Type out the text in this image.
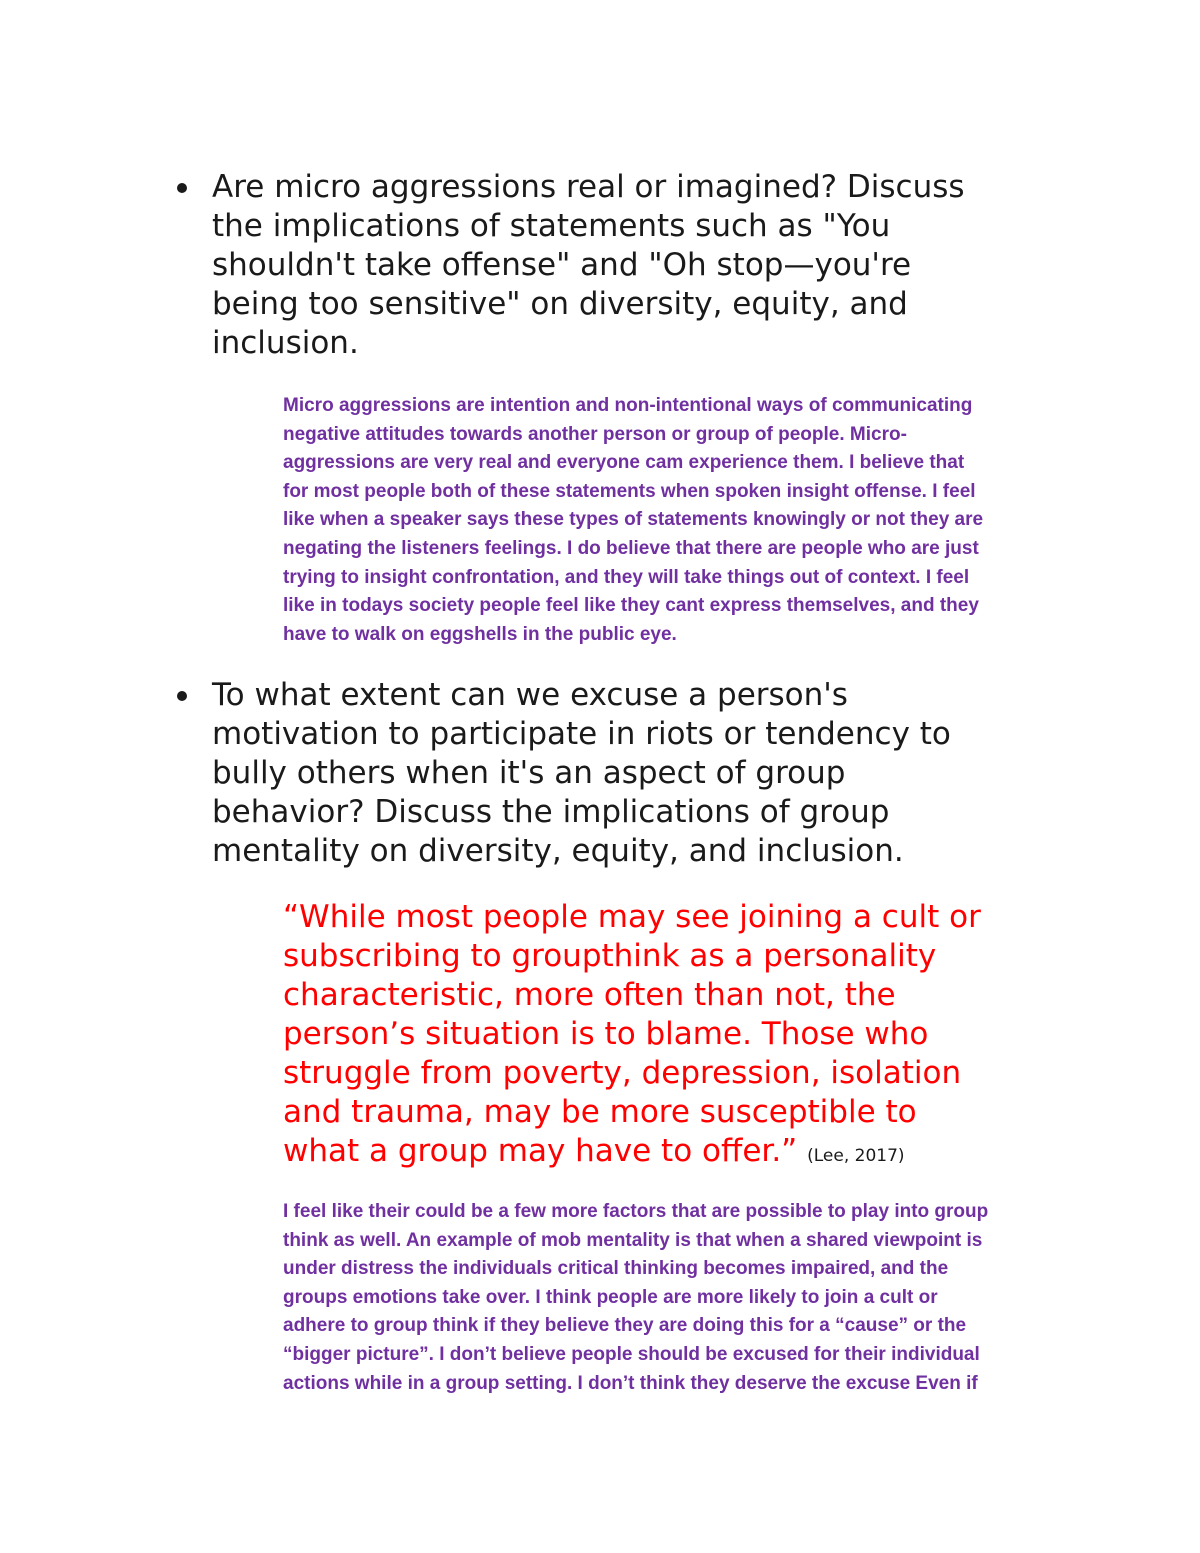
Are micro aggressions real or imagined? Discuss
the implications of statements such as "You
shouldn't take offense" and "Oh stop—you're
being too sensitive" on diversity, equity, and
inclusion.
Micro aggressions are intention and non-intentional ways of communicating
negative attitudes towards another person or group of people. Micro-
aggressions are very real and everyone cam experience them. I believe that
for most people both of these statements when spoken insight offense. I feel
like when a speaker says these types of statements knowingly or not they are
negating the listeners feelings. I do believe that there are people who are just
trying to insight confrontation, and they will take things out of context. I feel
like in todays society people feel like they cant express themselves, and they
have to walk on eggshells in the public eye.
To what extent can we excuse a person's
motivation to participate in riots or tendency to
bully others when it's an aspect of group
behavior? Discuss the implications of group
mentality on diversity, equity, and inclusion.
“While most people may see joining a cult or
subscribing to groupthink as a personality
characteristic, more often than not, the
person’s situation is to blame. Those who
struggle from poverty, depression, isolation
and trauma, may be more susceptible to
what a group may have to offer.” (Lee, 2017)
I feel like their could be a few more factors that are possible to play into group
think as well. An example of mob mentality is that when a shared viewpoint is
under distress the individuals critical thinking becomes impaired, and the
groups emotions take over. I think people are more likely to join a cult or
adhere to group think if they believe they are doing this for a “cause” or the
“bigger picture”. I don’t believe people should be excused for their individual
actions while in a group setting. I don’t think they deserve the excuse Even if
